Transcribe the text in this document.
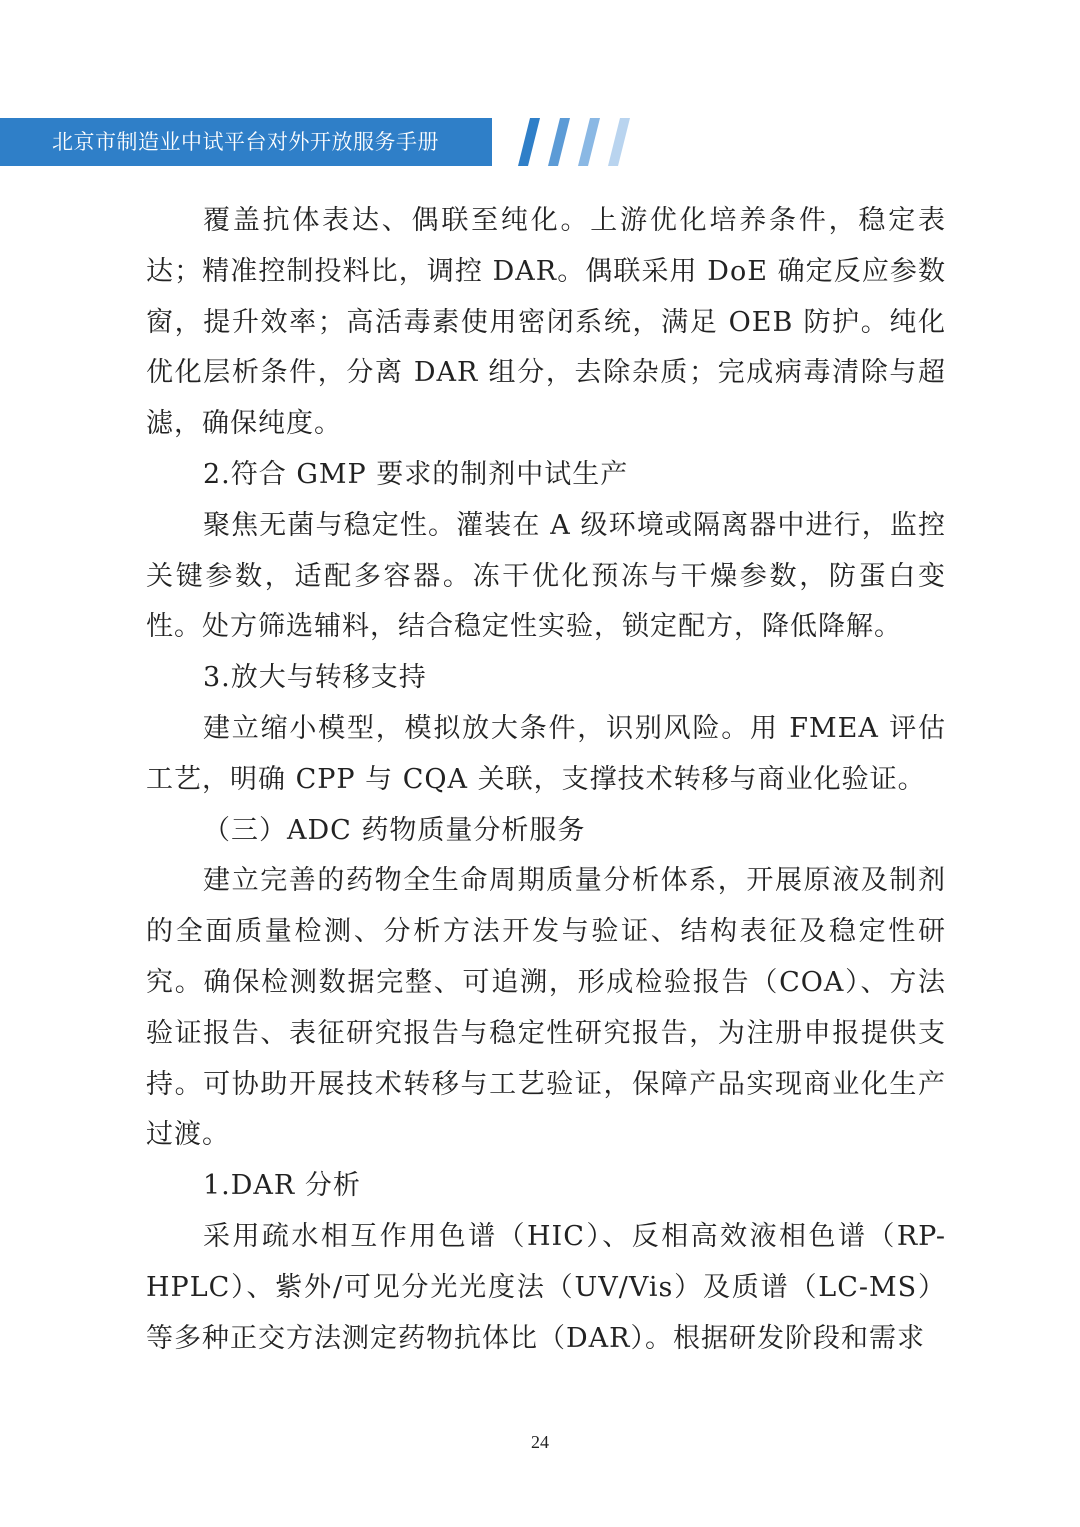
北京市制造业中试平台对外开放服务手册

覆盖抗体表达、偶联至纯化。上游优化培养条件，稳定表达；精准控制投料比，调控 DAR。偶联采用 DoE 确定反应参数窗，提升效率；高活毒素使用密闭系统，满足 OEB 防护。纯化优化层析条件，分离 DAR 组分，去除杂质；完成病毒清除与超滤，确保纯度。

2.符合 GMP 要求的制剂中试生产

聚焦无菌与稳定性。灌装在 A 级环境或隔离器中进行，监控关键参数，适配多容器。冻干优化预冻与干燥参数，防蛋白变性。处方筛选辅料，结合稳定性实验，锁定配方，降低降解。

3.放大与转移支持

建立缩小模型，模拟放大条件，识别风险。用 FMEA 评估工艺，明确 CPP 与 CQA 关联，支撑技术转移与商业化验证。

（三）ADC 药物质量分析服务

建立完善的药物全生命周期质量分析体系，开展原液及制剂的全面质量检测、分析方法开发与验证、结构表征及稳定性研究。确保检测数据完整、可追溯，形成检验报告（COA）、方法验证报告、表征研究报告与稳定性研究报告，为注册申报提供支持。可协助开展技术转移与工艺验证，保障产品实现商业化生产过渡。

1.DAR 分析

采用疏水相互作用色谱（HIC）、反相高效液相色谱（RP-HPLC）、紫外/可见分光光度法（UV/Vis）及质谱（LC-MS）等多种正交方法测定药物抗体比（DAR）。根据研发阶段和需求

24
